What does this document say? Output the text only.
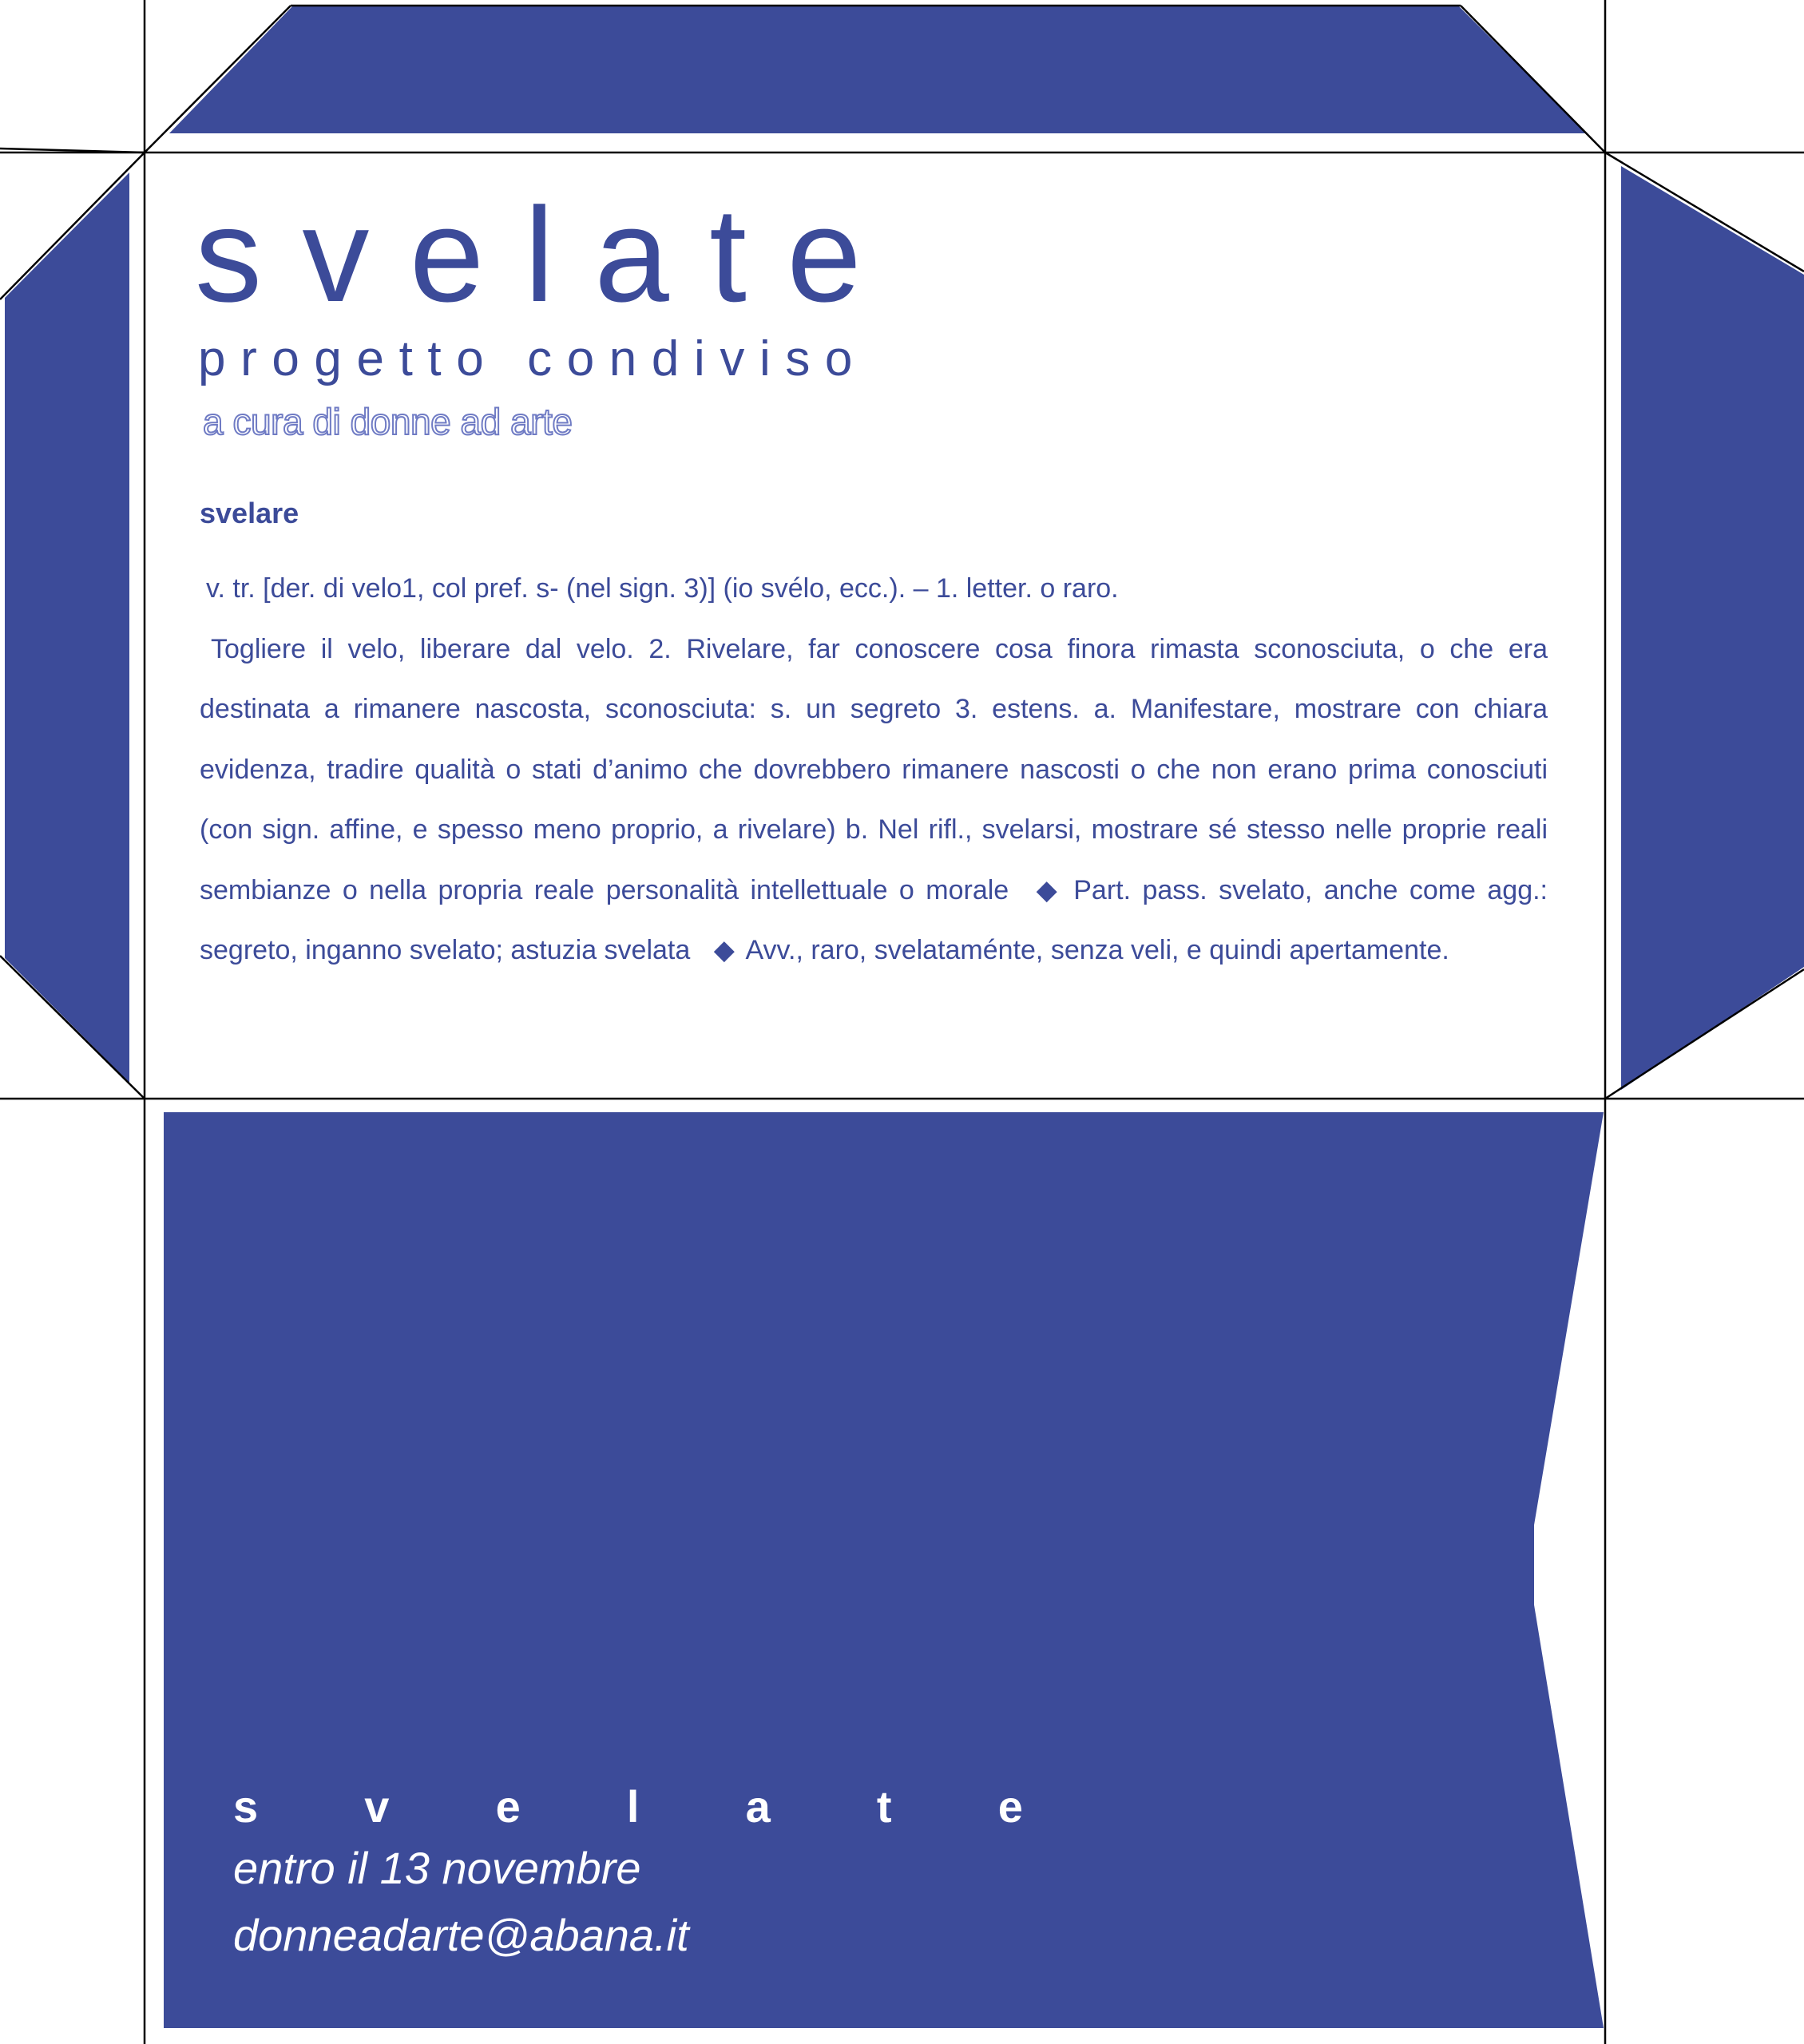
svelate
progetto condiviso
a cura di donne ad arte
svelare

v. tr. [der. di velo1, col pref. s- (nel sign. 3)] (io svélo, ecc.). – 1. letter. o raro.

Togliere il velo, liberare dal velo. 2. Rivelare, far conoscere cosa finora rimasta sconosciuta, o che era destinata a rimanere nascosta, sconosciuta: s. un segreto 3. estens. a. Manifestare, mostrare con chiara evidenza, tradire qualità o stati d’animo che dovrebbero rimanere nascosti o che non erano prima conosciuti (con sign. affine, e spesso meno proprio, a rivelare) b. Nel rifl., svelarsi, mostrare sé stesso nelle proprie reali sembianze o nella propria reale personalità intellettuale o morale ◆ Part. pass. svelato, anche come agg.: segreto, inganno svelato; astuzia svelata ◆ Avv., raro, svelataménte, senza veli, e quindi apertamente.

s v e l a t e
entro il 13 novembre
donneadarte@abana.it
